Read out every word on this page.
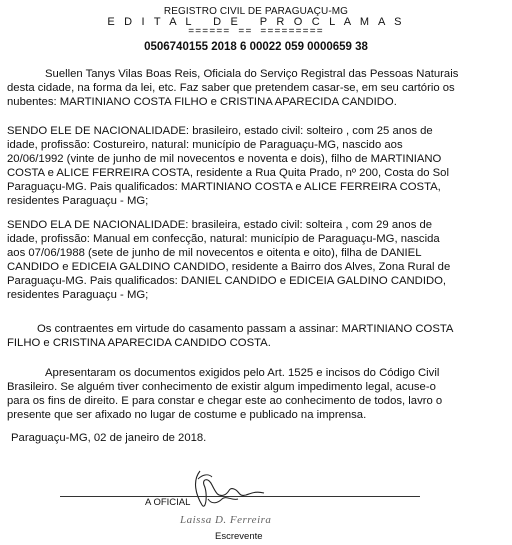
REGISTRO CIVIL DE PARAGUAÇU-MG
E D I T A L   D E   P R O C L A M A S
======  ==  =========
0506740155 2018 6 00022 059 0000659 38
Suellen Tanys Vilas Boas Reis, Oficiala do Serviço Registral das Pessoas Naturais
desta cidade, na forma da lei, etc. Faz saber que pretendem casar-se, em seu cartório os
nubentes: MARTINIANO COSTA FILHO e CRISTINA APARECIDA CANDIDO.
SENDO ELE DE NACIONALIDADE: brasileiro, estado civil: solteiro , com 25 anos de
idade, profissão: Costureiro, natural: município de Paraguaçu-MG, nascido aos
20/06/1992 (vinte de junho de mil novecentos e noventa e dois), filho de MARTINIANO
COSTA e ALICE FERREIRA COSTA, residente a Rua Quita Prado, nº 200, Costa do Sol
Paraguaçu-MG. Pais qualificados: MARTINIANO COSTA e ALICE FERREIRA COSTA,
residentes Paraguaçu - MG;
SENDO ELA DE NACIONALIDADE: brasileira, estado civil: solteira , com 29 anos de
idade, profissão: Manual em confecção, natural: município de Paraguaçu-MG, nascida
aos 07/06/1988 (sete de junho de mil novecentos e oitenta e oito), filha de DANIEL
CANDIDO e EDICEIA GALDINO CANDIDO, residente a Bairro dos Alves, Zona Rural de
Paraguaçu-MG. Pais qualificados: DANIEL CANDIDO e EDICEIA GALDINO CANDIDO,
residentes Paraguaçu - MG;
Os contraentes em virtude do casamento passam a assinar: MARTINIANO COSTA
FILHO e CRISTINA APARECIDA CANDIDO COSTA.
Apresentaram os documentos exigidos pelo Art. 1525 e incisos do Código Civil
Brasileiro. Se alguém tiver conhecimento de existir algum impedimento legal, acuse-o
para os fins de direito. E para constar e chegar este ao conhecimento de todos, lavro o
presente que ser afixado no lugar de costume e publicado na imprensa.
Paraguaçu-MG, 02 de janeiro de 2018.
A OFICIAL
Laissa D. Ferreira
Escrevente
